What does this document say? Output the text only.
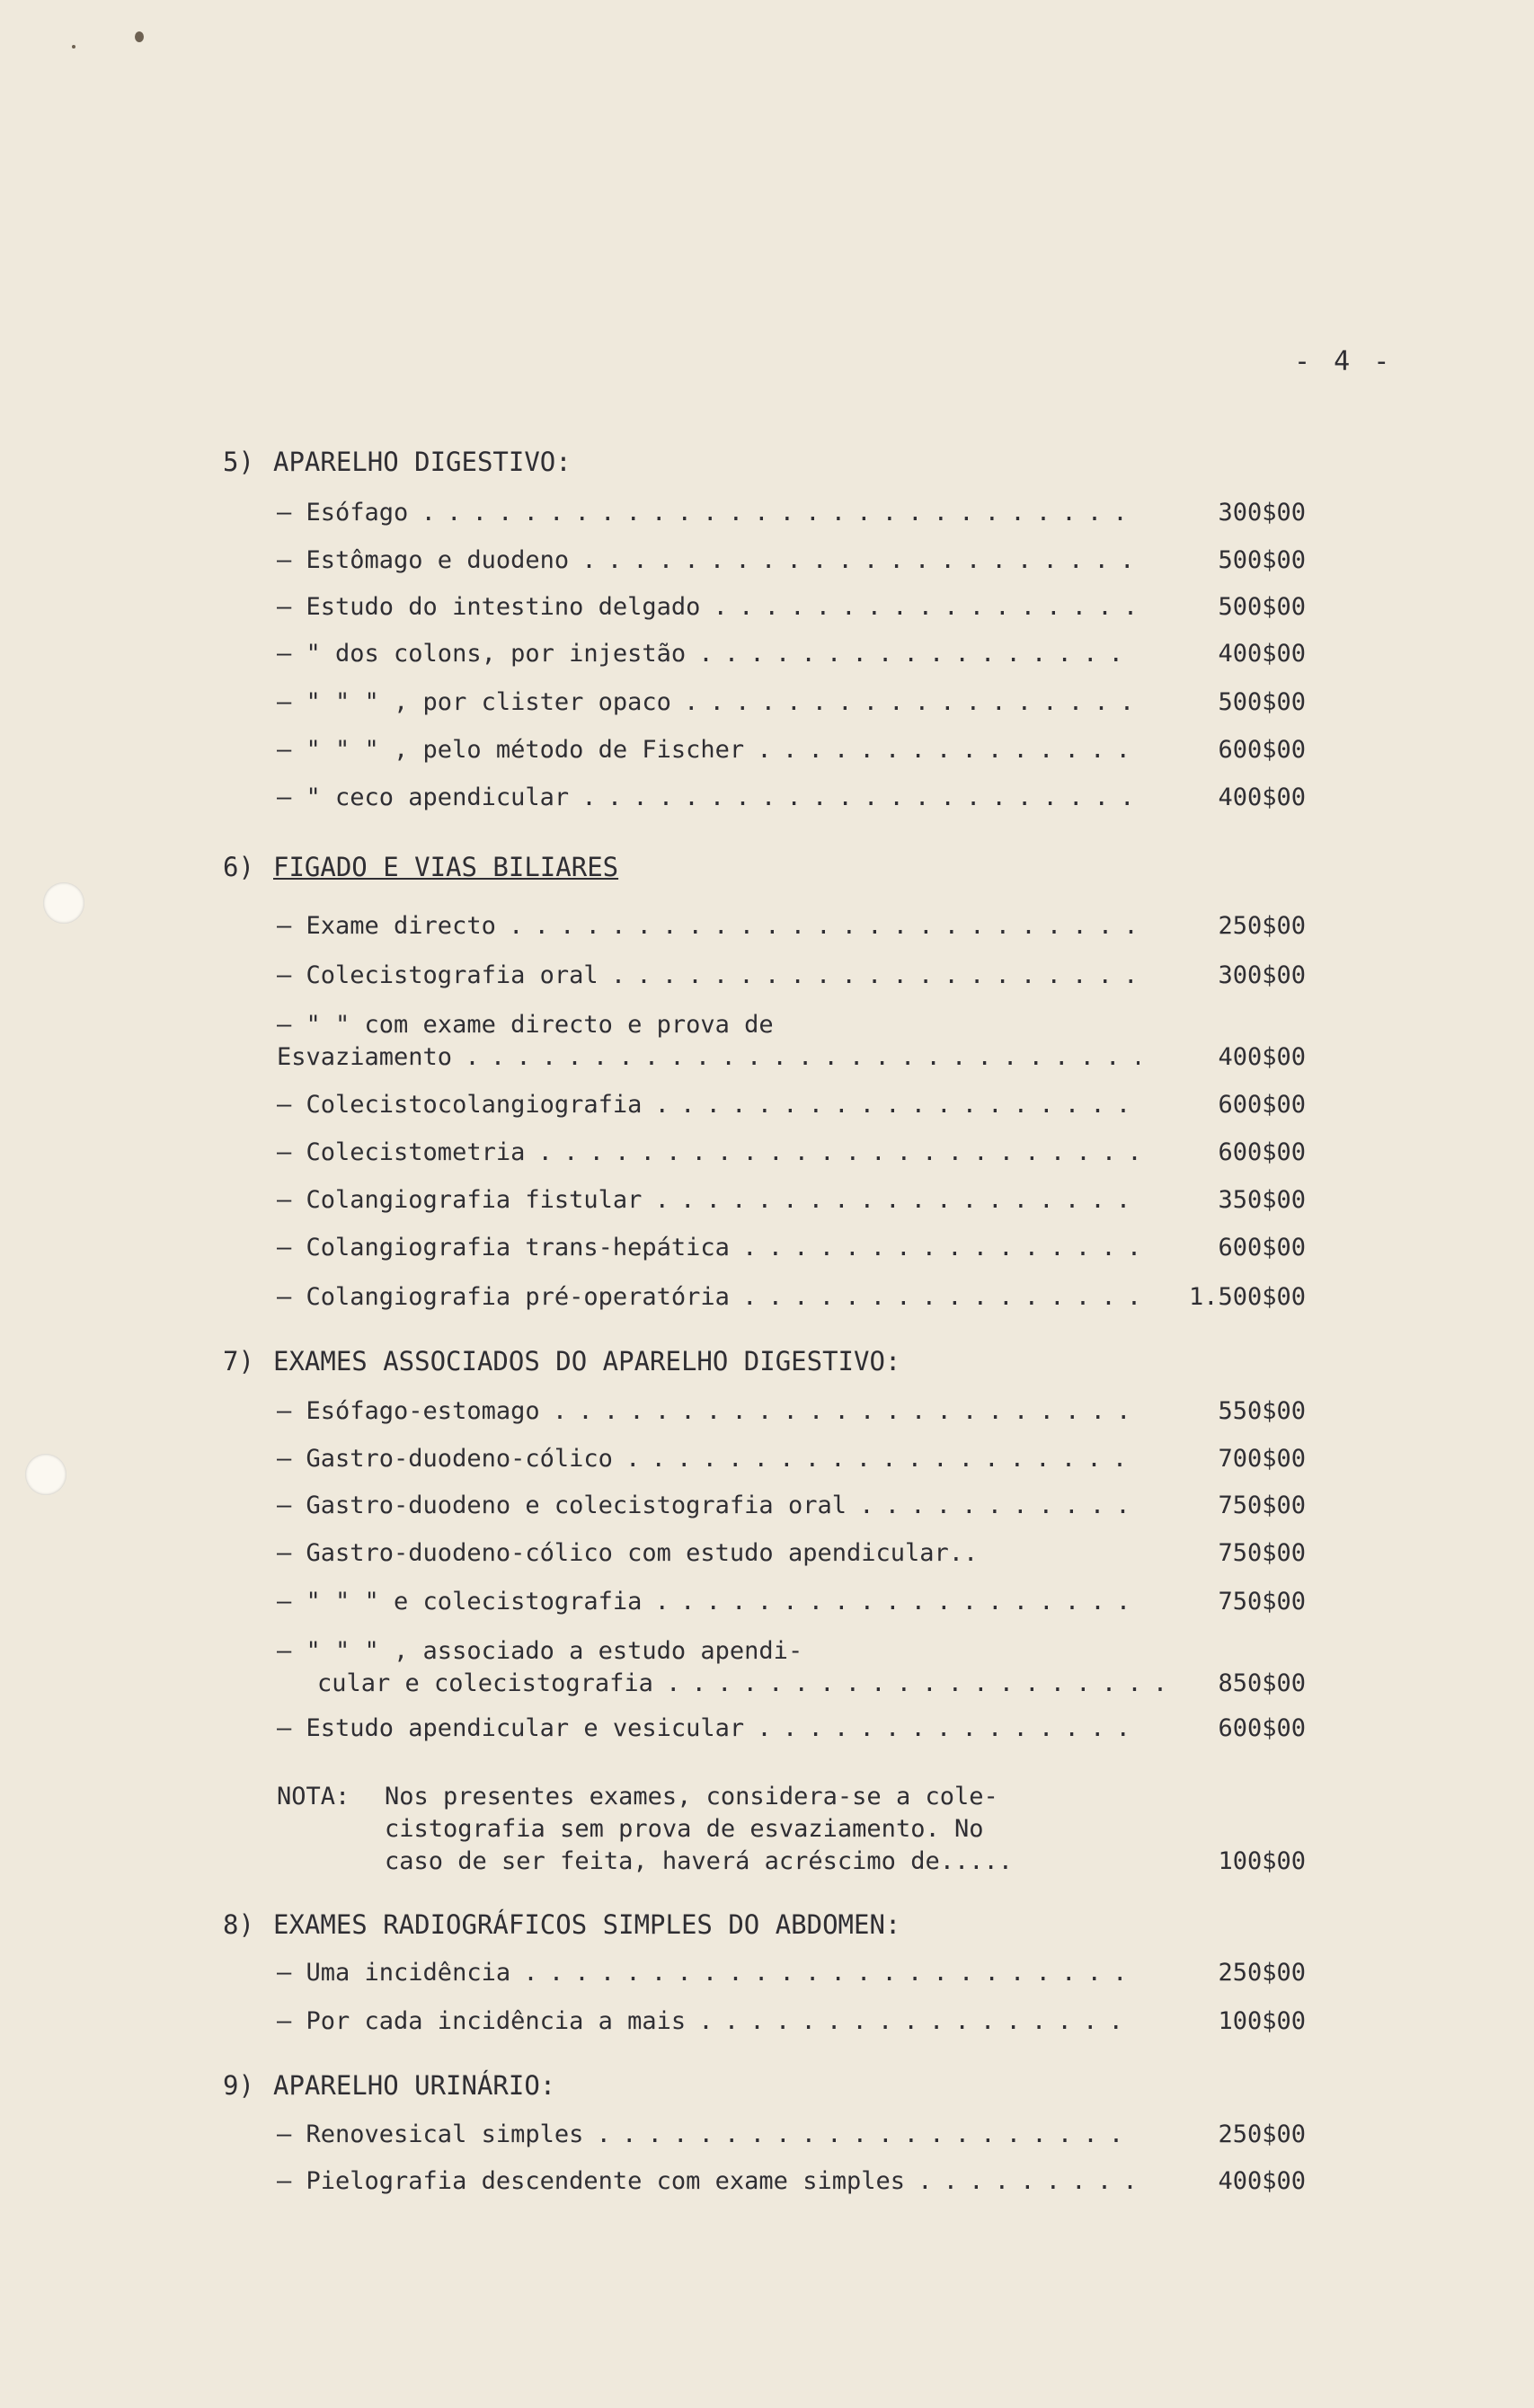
- 4 -
5) APARELHO DIGESTIVO:
– Esófago . . .	300$00
– Estômago e duodeno . . .	500$00
– Estudo do intestino delgado . . .	500$00
– " dos colons, por injestão . . .	400$00
– " " " , por clister opaco . . .	500$00
– " " " , pelo método de Fischer . . .	600$00
– " ceco apendicular . . .	400$00
6) FIGADO E VIAS BILIARES
– Exame directo . . .	250$00
– Colecistografia oral . . .	300$00
– " " com exame directo e prova de
Esvaziamento . . .	400$00
– Colecistocolangiografia . . .	600$00
– Colecistometria . . .	600$00
– Colangiografia fistular . . .	350$00
– Colangiografia trans-hepática . . .	600$00
– Colangiografia pré-operatória . . .	1.500$00
7) EXAMES ASSOCIADOS DO APARELHO DIGESTIVO:
– Esófago-estomago . . .	550$00
– Gastro-duodeno-cólico . . .	700$00
– Gastro-duodeno e colecistografia oral . . .	750$00
– Gastro-duodeno-cólico com estudo apendicular..	750$00
– " " " e colecistografia . . .	750$00
– " " " , associado a estudo apendi-
cular e colecistografia . . .	850$00
– Estudo apendicular e vesicular . . .	600$00
NOTA: Nos presentes exames, considera-se a cole-
cistografia sem prova de esvaziamento. No
caso de ser feita, haverá acréscimo de.....	100$00
8) EXAMES RADIOGRÁFICOS SIMPLES DO ABDOMEN:
– Uma incidência . . .	250$00
– Por cada incidência a mais . . .	100$00
9) APARELHO URINÁRIO:
– Renovesical simples . . .	250$00
– Pielografia descendente com exame simples . . .	400$00
